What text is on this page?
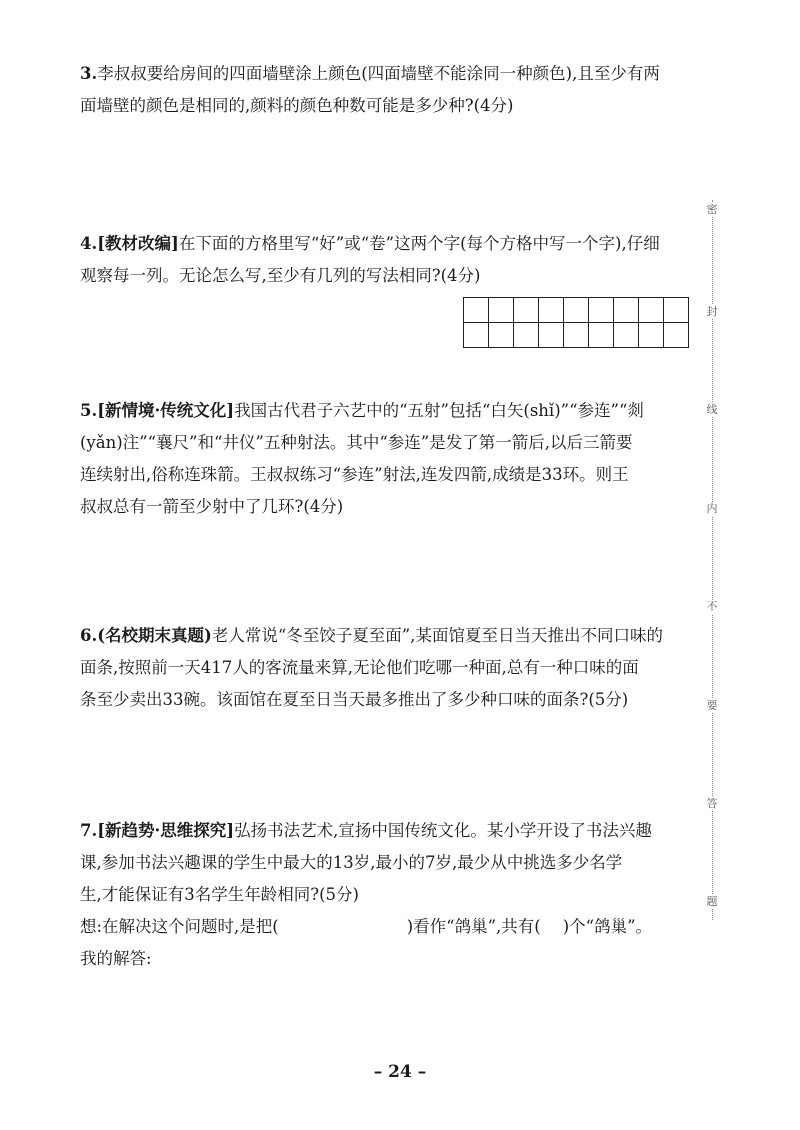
3.李叔叔要给房间的四面墙壁涂上颜色(四面墙壁不能涂同一种颜色),且至少有两
面墙壁的颜色是相同的,颜料的颜色种数可能是多少种?(4分)
4.[教材改编]在下面的方格里写“好”或“卷”这两个字(每个方格中写一个字),仔细
观察每一列。无论怎么写,至少有几列的写法相同?(4分)

5.[新情境·传统文化]我国古代君子六艺中的“五射”包括“白矢(shǐ)”“参连”“剡
(yǎn)注”“襄尺”和“井仪”五种射法。其中“参连”是发了第一箭后,以后三箭要
连续射出,俗称连珠箭。王叔叔练习“参连”射法,连发四箭,成绩是33环。则王
叔叔总有一箭至少射中了几环?(4分)
6.(名校期末真题)老人常说“冬至饺子夏至面”,某面馆夏至日当天推出不同口味的
面条,按照前一天417人的客流量来算,无论他们吃哪一种面,总有一种口味的面
条至少卖出33碗。该面馆在夏至日当天最多推出了多少种口味的面条?(5分)
7.[新趋势·思维探究]弘扬书法艺术,宣扬中国传统文化。某小学开设了书法兴趣
课,参加书法兴趣课的学生中最大的13岁,最小的7岁,最少从中挑选多少名学
生,才能保证有3名学生年龄相同?(5分)
想:在解决这个问题时,是把(	)看作“鸽巢”,共有( )个“鸽巢”。
我的解答:
密
封
线
内
不
要
答
题
– 24 –
